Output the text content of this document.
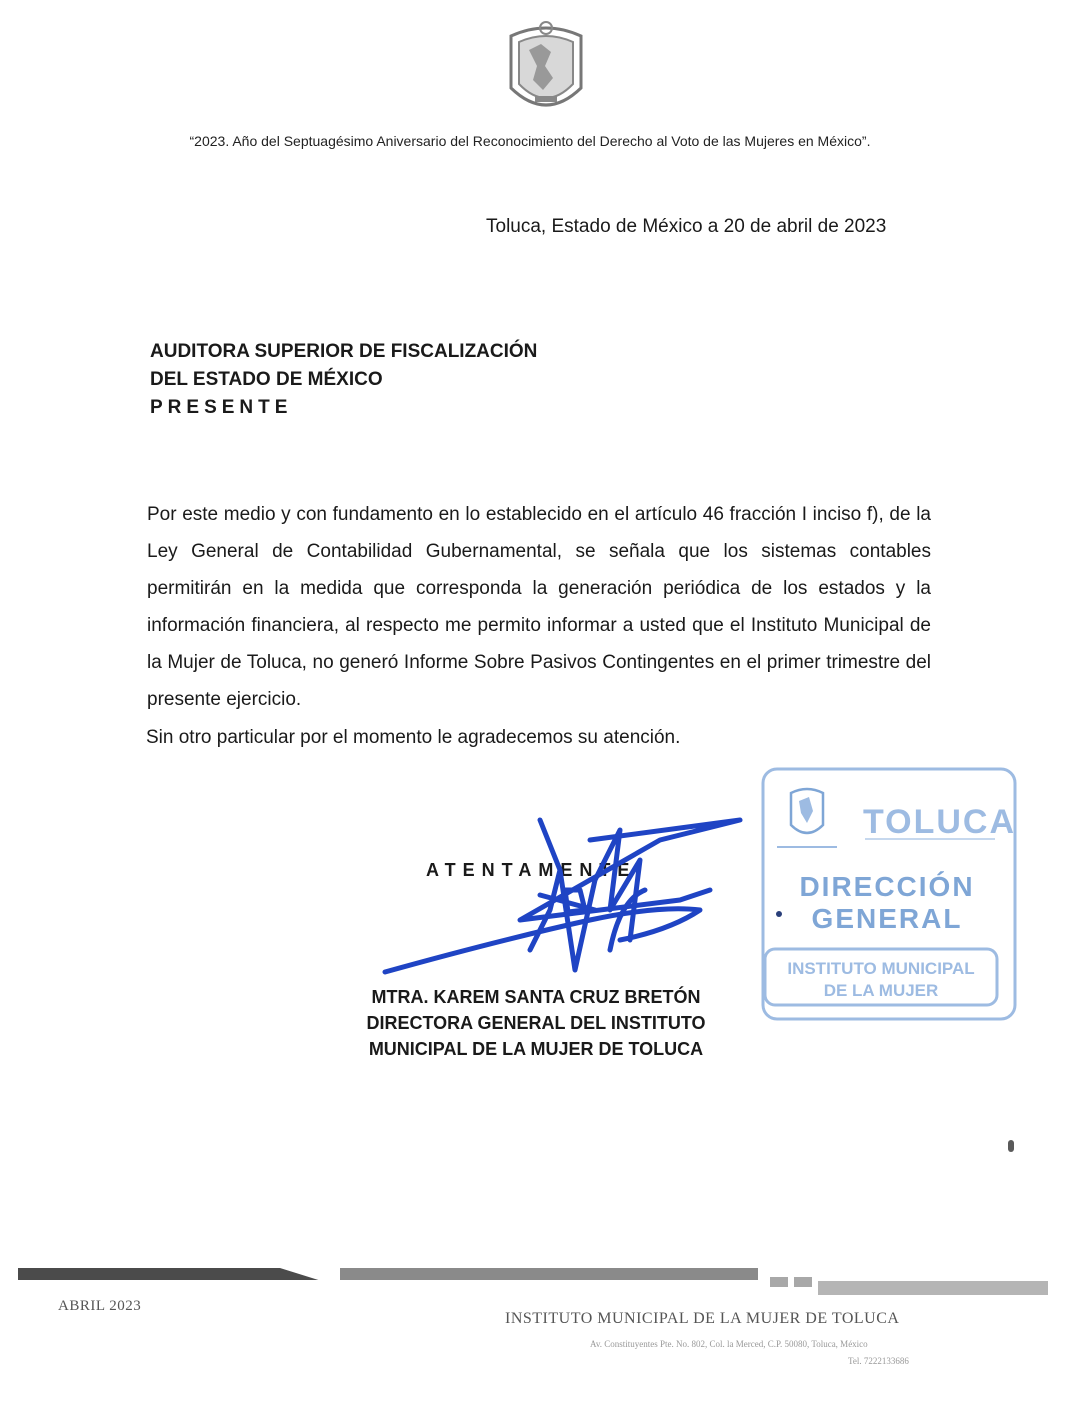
“2023. Año del Septuagésimo Aniversario del Reconocimiento del Derecho al Voto de las Mujeres en México”.
Toluca, Estado de México a 20 de abril de 2023
AUDITORA SUPERIOR DE FISCALIZACIÓN
DEL ESTADO DE MÉXICO
PRESENTE
Por este medio y con fundamento en lo establecido en el artículo 46 fracción I inciso f), de la Ley General de Contabilidad Gubernamental, se señala que los sistemas contables permitirán en la medida que corresponda la generación periódica de los estados y la información financiera, al respecto me permito informar a usted que el Instituto Municipal de la Mujer de Toluca, no generó Informe Sobre Pasivos Contingentes en el primer trimestre del presente ejercicio.
Sin otro particular por el momento le agradecemos su atención.
ATENTAMENTE
MTRA. KAREM SANTA CRUZ BRETÓN
DIRECTORA GENERAL DEL INSTITUTO
MUNICIPAL DE LA MUJER DE TOLUCA
TOLUCA
DIRECCIÓN
GENERAL
INSTITUTO MUNICIPAL
DE LA MUJER
ABRIL 2023
INSTITUTO MUNICIPAL DE LA MUJER DE TOLUCA
Av. Constituyentes Pte. No. 802, Col. la Merced, C.P. 50080, Toluca, México
Tel. 7222133686
